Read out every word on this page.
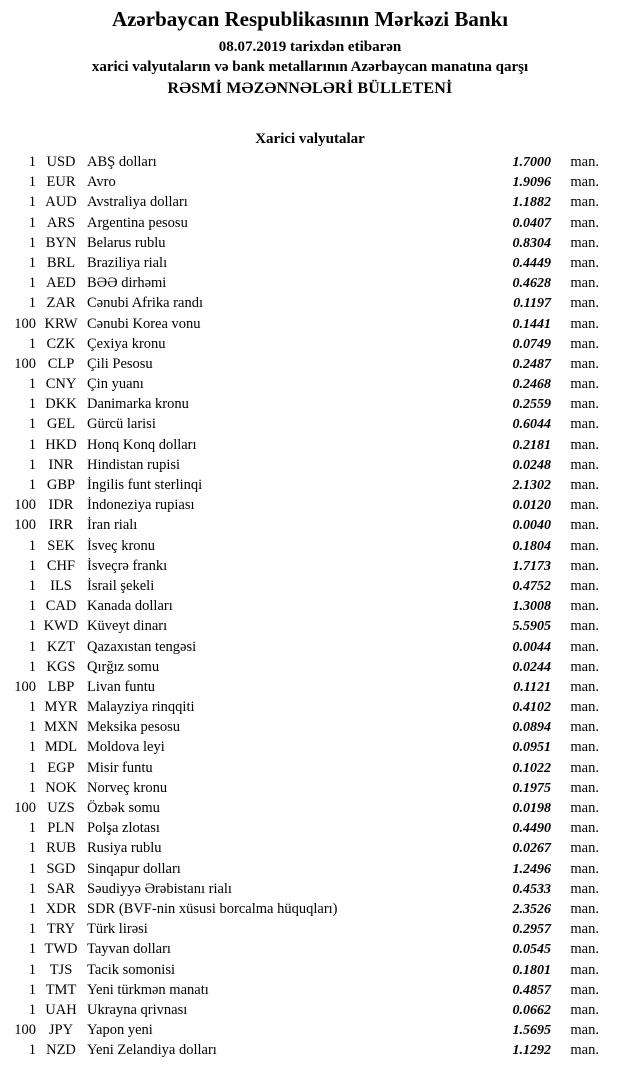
Azərbaycan Respublikasının Mərkəzi Bankı
08.07.2019 tarixdən etibarən
xarici valyutaların və bank metallarının Azərbaycan manatına qarşı
RƏSMİ MƏZƏNNƏLƏRİ BÜLLETENİ
Xarici valyutalar
1 USD ABŞ dolları	1.7000	man.
1 EUR Avro	1.9096	man.
1 AUD Avstraliya dolları	1.1882	man.
1 ARS Argentina pesosu	0.0407	man.
1 BYN Belarus rublu	0.8304	man.
1 BRL Braziliya rialı	0.4449	man.
1 AED BƏƏ dirhəmi	0.4628	man.
1 ZAR Cənubi Afrika randı	0.1197	man.
100 KRW Cənubi Korea vonu	0.1441	man.
1 CZK Çexiya kronu	0.0749	man.
100 CLP Çili Pesosu	0.2487	man.
1 CNY Çin yuanı	0.2468	man.
1 DKK Danimarka kronu	0.2559	man.
1 GEL Gürcü larisi	0.6044	man.
1 HKD Honq Konq dolları	0.2181	man.
1 INR Hindistan rupisi	0.0248	man.
1 GBP İngilis funt sterlinqi	2.1302	man.
100 IDR İndoneziya rupiası	0.0120	man.
100 IRR İran rialı	0.0040	man.
1 SEK İsveç kronu	0.1804	man.
1 CHF İsveçrə frankı	1.7173	man.
1 ILS	İsrail şekeli	0.4752	man.
1 CAD Kanada dolları	1.3008	man.
1 KWD Küveyt dinarı	5.5905	man.
1 KZT Qazaxıstan tengəsi	0.0044	man.
1 KGS Qırğız somu	0.0244	man.
100 LBP Livan funtu	0.1121	man.
1 MYR Malayziya rinqqiti	0.4102	man.
1 MXN Meksika pesosu	0.0894	man.
1 MDL Moldova leyi	0.0951	man.
1 EGP Misir funtu	0.1022	man.
1 NOK Norveç kronu	0.1975	man.
100 UZS Özbək somu	0.0198	man.
1 PLN Polşa zlotası	0.4490	man.
1 RUB Rusiya rublu	0.0267	man.
1 SGD Sinqapur dolları	1.2496	man.
1 SAR Səudiyyə Ərəbistanı rialı	0.4533	man.
1 XDR SDR (BVF-nin xüsusi borcalma hüquqları)	2.3526	man.
1 TRY Türk lirəsi	0.2957	man.
1 TWD Tayvan dolları	0.0545	man.
1 TJS	Tacik somonisi	0.1801	man.
1 TMT Yeni türkmən manatı	0.4857	man.
1 UAH Ukrayna qrivnası	0.0662	man.
100 JPY Yapon yeni	1.5695	man.
1 NZD Yeni Zelandiya dolları	1.1292	man.
